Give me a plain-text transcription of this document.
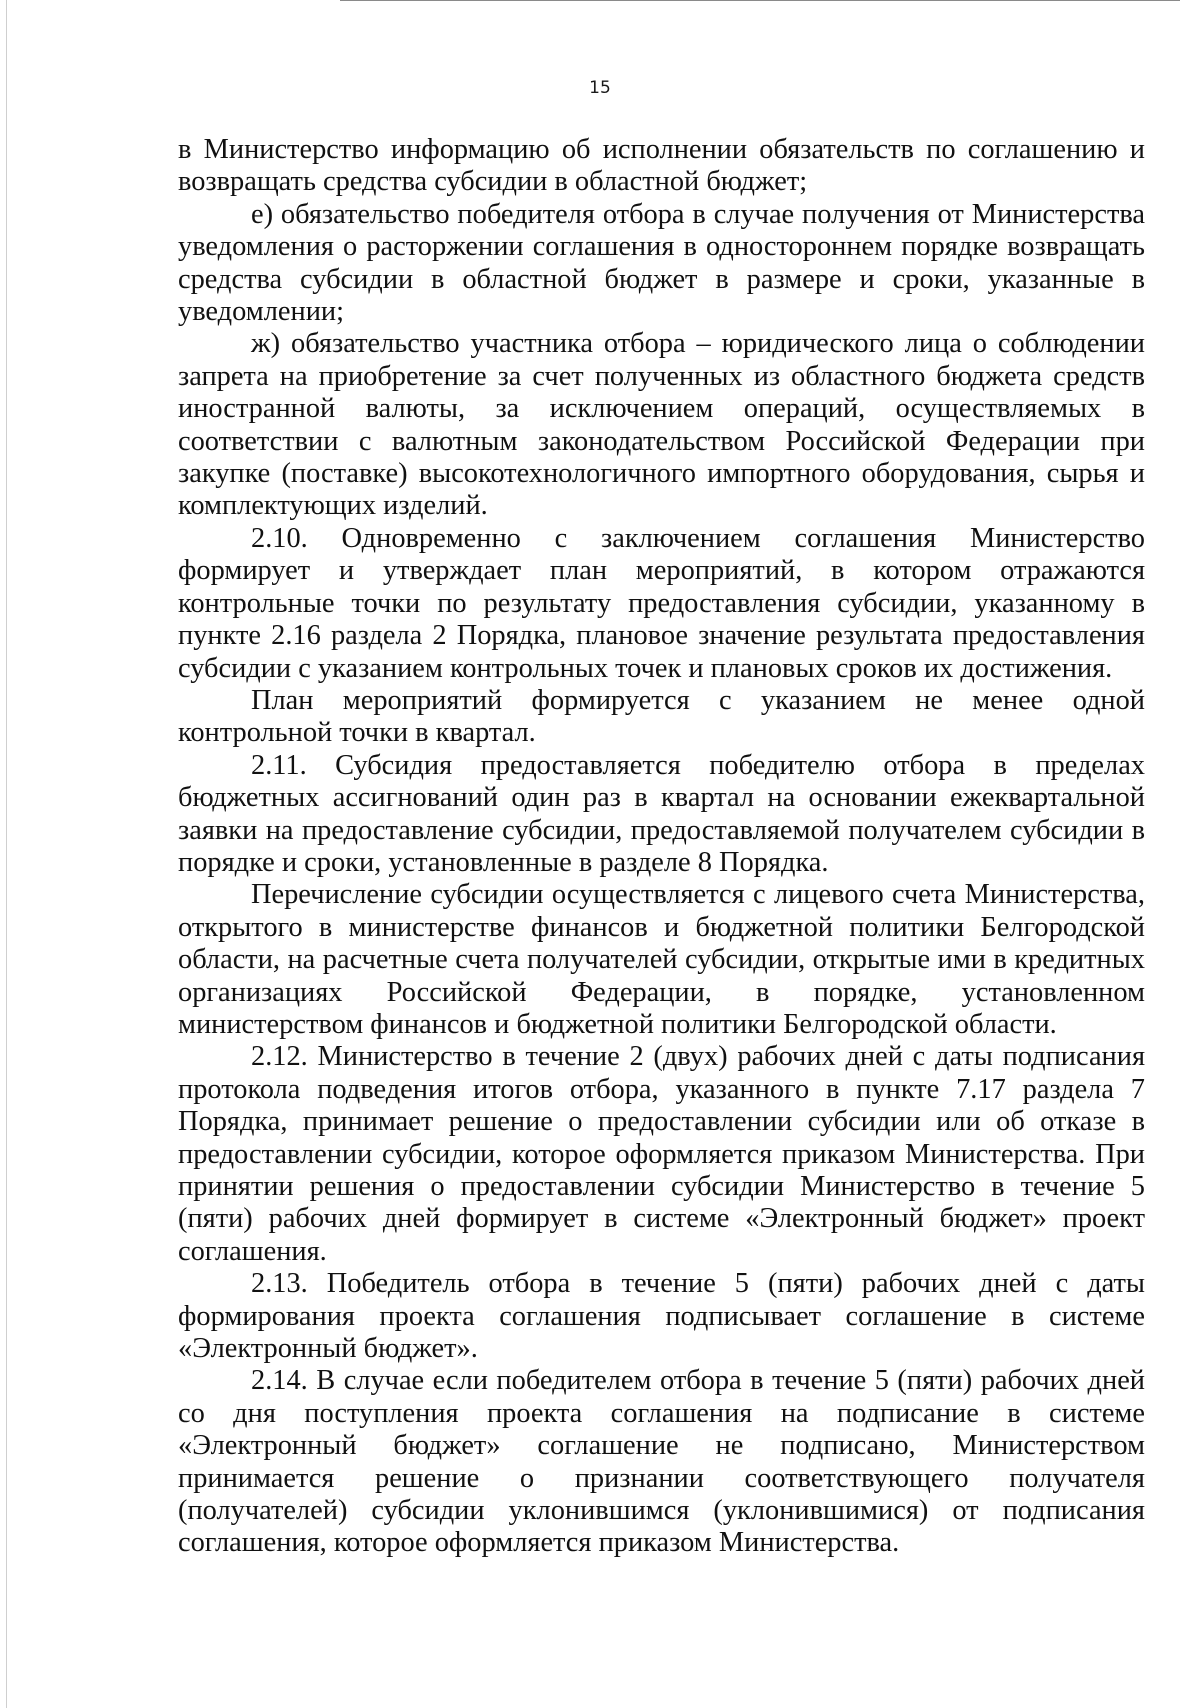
15

в Министерство информацию об исполнении обязательств по соглашению и возвращать средства субсидии в областной бюджет;

е) обязательство победителя отбора в случае получения от Министерства уведомления о расторжении соглашения в одностороннем порядке возвращать средства субсидии в областной бюджет в размере и сроки, указанные в уведомлении;

ж) обязательство участника отбора – юридического лица о соблюдении запрета на приобретение за счет полученных из областного бюджета средств иностранной валюты, за исключением операций, осуществляемых в соответствии с валютным законодательством Российской Федерации при закупке (поставке) высокотехнологичного импортного оборудования, сырья и комплектующих изделий.

2.10. Одновременно с заключением соглашения Министерство формирует и утверждает план мероприятий, в котором отражаются контрольные точки по результату предоставления субсидии, указанному в пункте 2.16 раздела 2 Порядка, плановое значение результата предоставления субсидии с указанием контрольных точек и плановых сроков их достижения.

План мероприятий формируется с указанием не менее одной контрольной точки в квартал.

2.11. Субсидия предоставляется победителю отбора в пределах бюджетных ассигнований один раз в квартал на основании ежеквартальной заявки на предоставление субсидии, предоставляемой получателем субсидии в порядке и сроки, установленные в разделе 8 Порядка.

Перечисление субсидии осуществляется с лицевого счета Министерства, открытого в министерстве финансов и бюджетной политики Белгородской области, на расчетные счета получателей субсидии, открытые ими в кредитных организациях Российской Федерации, в порядке, установленном министерством финансов и бюджетной политики Белгородской области.

2.12. Министерство в течение 2 (двух) рабочих дней с даты подписания протокола подведения итогов отбора, указанного в пункте 7.17 раздела 7 Порядка, принимает решение о предоставлении субсидии или об отказе в предоставлении субсидии, которое оформляется приказом Министерства. При принятии решения о предоставлении субсидии Министерство в течение 5 (пяти) рабочих дней формирует в системе «Электронный бюджет» проект соглашения.

2.13. Победитель отбора в течение 5 (пяти) рабочих дней с даты формирования проекта соглашения подписывает соглашение в системе «Электронный бюджет».

2.14. В случае если победителем отбора в течение 5 (пяти) рабочих дней со дня поступления проекта соглашения на подписание в системе «Электронный бюджет» соглашение не подписано, Министерством принимается решение о признании соответствующего получателя (получателей) субсидии уклонившимся (уклонившимися) от подписания соглашения, которое оформляется приказом Министерства.
